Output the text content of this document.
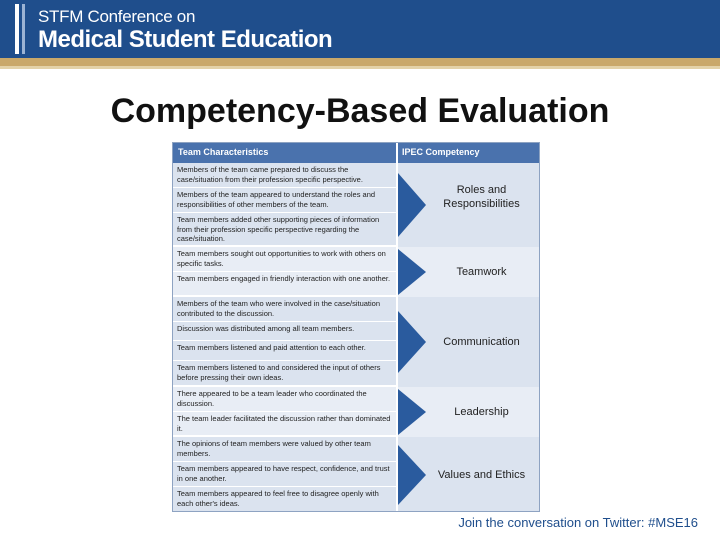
STFM Conference on
Medical Student Education
Competency-Based Evaluation
Team Characteristics	IPEC Competency
Roles and Responsibilities
Members of the team came prepared to discuss the case/situation from their profession specific perspective.
Members of the team appeared to understand the roles and responsibilities of other members of the team.
Team members added other supporting pieces of information from their profession specific perspective regarding the case/situation.
Teamwork
Team members sought out opportunities to work with others on specific tasks.
Team members engaged in friendly interaction with one another.
Communication
Members of the team who were involved in the case/situation contributed to the discussion.
Discussion was distributed among all team members.
Team members listened and paid attention to each other.
Team members listened to and considered the input of others before pressing their own ideas.
Leadership
There appeared to be a team leader who coordinated the discussion.
The team leader facilitated the discussion rather than dominated it.
Values and Ethics
The opinions of team members were valued by other team members.
Team members appeared to have respect, confidence, and trust in one another.
Team members appeared to feel free to disagree openly with each other's ideas.
Join the conversation on Twitter: #MSE16
